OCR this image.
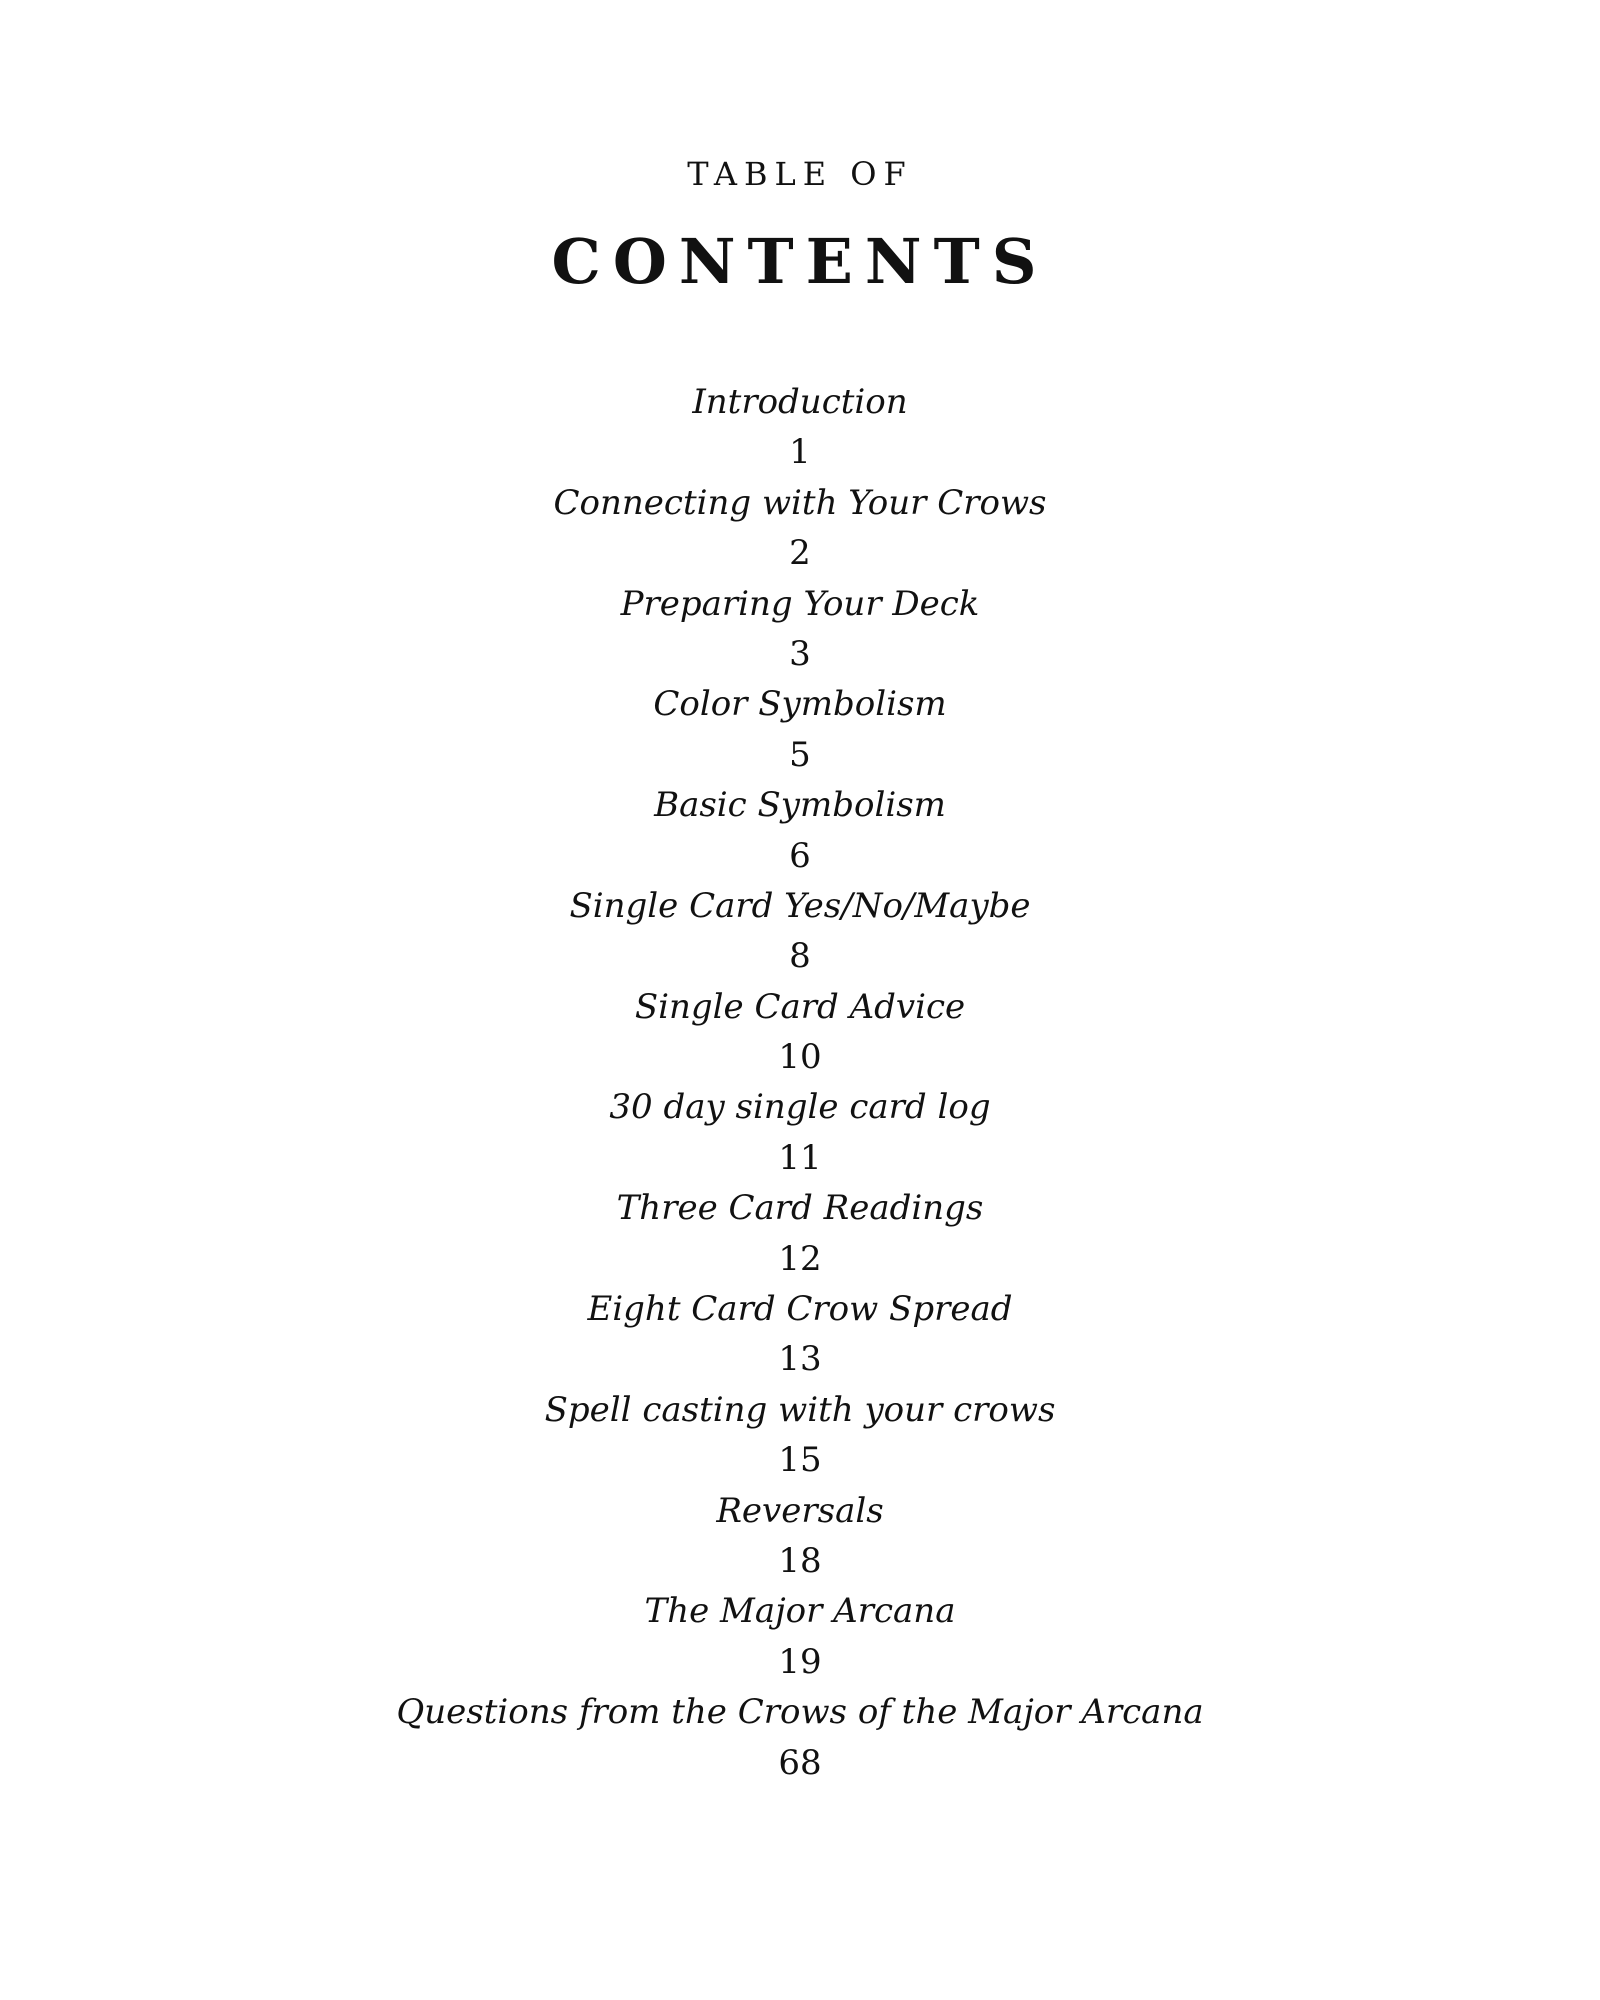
TABLE OF
CONTENTS
Introduction
1
Connecting with Your Crows
2
Preparing Your Deck
3
Color Symbolism
5
Basic Symbolism
6
Single Card Yes/No/Maybe
8
Single Card Advice
10
30 day single card log
11
Three Card Readings
12
Eight Card Crow Spread
13
Spell casting with your crows
15
Reversals
18
The Major Arcana
19
Questions from the Crows of the Major Arcana
68
